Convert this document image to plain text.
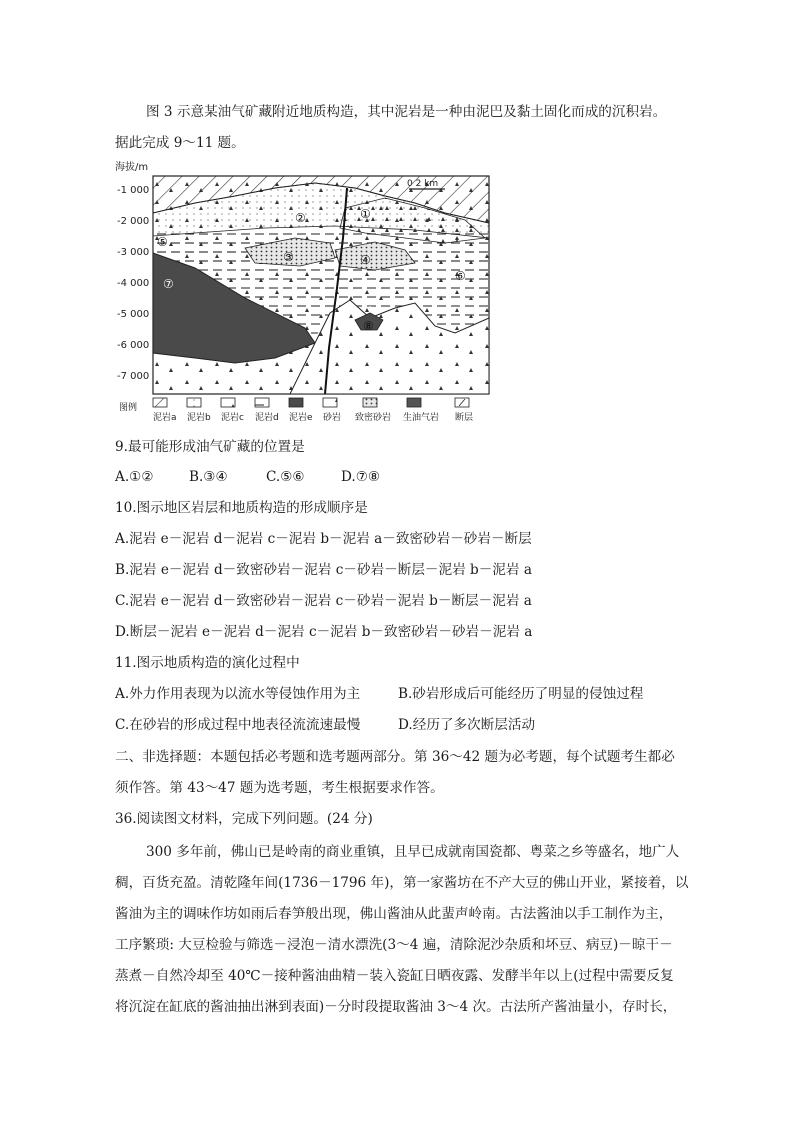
图 3 示意某油气矿藏附近地质构造，其中泥岩是一种由泥巴及黏土固化而成的沉积岩。
据此完成 9～11 题。
海拔/m
-1 000
-2 000
-3 000
-4 000
-5 000
-6 000
-7 000
0 2 km
①
②
③	④
⑤
⑥
⑦
⑧
图例
泥岩a 泥岩b 泥岩c 泥岩d 泥岩e 砂岩 致密砂岩 生油气岩 断层
9.最可能形成油气矿藏的位置是
A.①②	B.③④	C.⑤⑥	D.⑦⑧
10.图示地区岩层和地质构造的形成顺序是
A.泥岩 e－泥岩 d－泥岩 c－泥岩 b－泥岩 a－致密砂岩－砂岩－断层
B.泥岩 e－泥岩 d－致密砂岩－泥岩 c－砂岩－断层－泥岩 b－泥岩 a
C.泥岩 e－泥岩 d－致密砂岩－泥岩 c－砂岩－泥岩 b－断层－泥岩 a
D.断层－泥岩 e－泥岩 d－泥岩 c－泥岩 b－致密砂岩－砂岩－泥岩 a
11.图示地质构造的演化过程中
A.外力作用表现为以流水等侵蚀作用为主	B.砂岩形成后可能经历了明显的侵蚀过程
C.在砂岩的形成过程中地表径流流速最慢	D.经历了多次断层活动
二、非选择题：本题包括必考题和选考题两部分。第 36～42 题为必考题，每个试题考生都必
须作答。第 43～47 题为选考题，考生根据要求作答。
36.阅读图文材料，完成下列问题。(24 分)
300 多年前，佛山已是岭南的商业重镇，且早已成就南国瓷都、粤菜之乡等盛名，地广人
稠，百货充盈。清乾隆年间(1736－1796 年)，第一家酱坊在不产大豆的佛山开业，紧接着，以
酱油为主的调味作坊如雨后春笋般出现，佛山酱油从此蜚声岭南。古法酱油以手工制作为主，
工序繁琐: 大豆检验与筛选－浸泡－清水漂洗(3～4 遍，清除泥沙杂质和坏豆、病豆)－晾干－
蒸煮－自然冷却至 40℃－接种酱油曲精－装入瓷缸日晒夜露、发酵半年以上(过程中需要反复
将沉淀在缸底的酱油抽出淋到表面)－分时段提取酱油 3～4 次。古法所产酱油量小，存时长，
